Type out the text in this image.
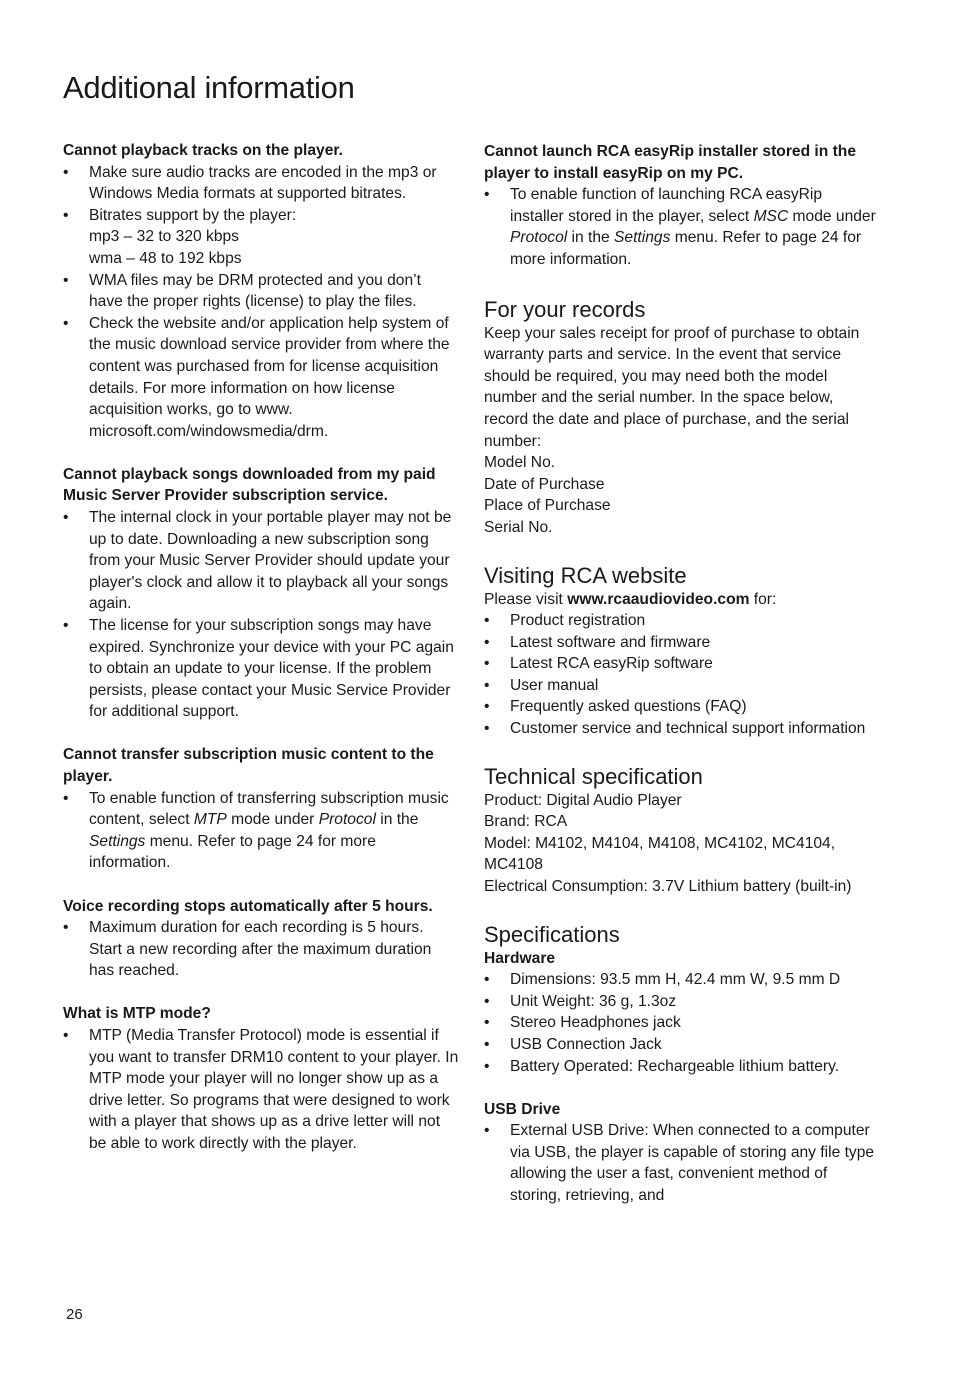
Additional information

Cannot playback tracks on the player.

• Make sure audio tracks are encoded in the mp3 or Windows Media formats at supported bitrates.
• Bitrates support by the player:
mp3 – 32 to 320 kbps
wma – 48 to 192 kbps
• WMA files may be DRM protected and you don’t have the proper rights (license) to play the files.
• Check the website and/or application help system of the music download service provider from where the content was purchased from for license acquisition details. For more information on how license acquisition works, go to www. microsoft.com/windowsmedia/drm.

Cannot playback songs downloaded from my paid Music Server Provider subscription service.

• The internal clock in your portable player may not be up to date. Downloading a new subscription song from your Music Server Provider should update your player's clock and allow it to playback all your songs again.
• The license for your subscription songs may have expired. Synchronize your device with your PC again to obtain an update to your license. If the problem persists, please contact your Music Service Provider for additional support.

Cannot transfer subscription music content to the player.

• To enable function of transferring subscription music content, select MTP mode under Protocol in the Settings menu. Refer to page 24 for more information.

Voice recording stops automatically after 5 hours.

• Maximum duration for each recording is 5 hours. Start a new recording after the maximum duration has reached.

What is MTP mode?

• MTP (Media Transfer Protocol) mode is essential if you want to transfer DRM10 content to your player. In MTP mode your player will no longer show up as a drive letter. So programs that were designed to work with a player that shows up as a drive letter will not be able to work directly with the player.

Cannot launch RCA easyRip installer stored in the player to install easyRip on my PC.

• To enable function of launching RCA easyRip installer stored in the player, select MSC mode under Protocol in the Settings menu. Refer to page 24 for more information.
For your records

Keep your sales receipt for proof of purchase to obtain warranty parts and service. In the event that service should be required, you may need both the model number and the serial number. In the space below, record the date and place of purchase, and the serial number:

Model No.

Date of Purchase

Place of Purchase

Serial No.

Visiting RCA website

Please visit www.rcaaudiovideo.com for:

• Product registration
• Latest software and firmware
• Latest RCA easyRip software
• User manual
• Frequently asked questions (FAQ)
• Customer service and technical support information
Technical specification

Product: Digital Audio Player

Brand: RCA

Model: M4102, M4104, M4108, MC4102, MC4104, MC4108

Electrical Consumption: 3.7V Lithium battery (built-in)

Specifications

Hardware

• Dimensions: 93.5 mm H, 42.4 mm W, 9.5 mm D
• Unit Weight: 36 g, 1.3oz
• Stereo Headphones jack
• USB Connection Jack
• Battery Operated: Rechargeable lithium battery.

USB Drive

• External USB Drive: When connected to a computer via USB, the player is capable of storing any file type allowing the user a fast, convenient method of storing, retrieving, and
26
